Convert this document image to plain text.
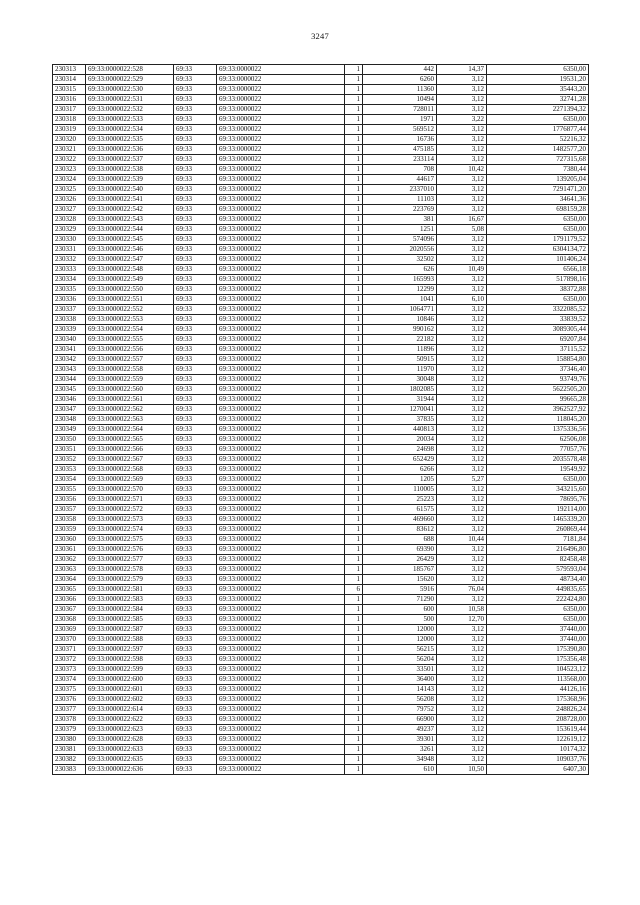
3247
230313	69:33:0000022:528	69:33	69:33:0000022	1	442	14,37	6350,00
230314	69:33:0000022:529	69:33	69:33:0000022	1	6260	3,12	19531,20
230315	69:33:0000022:530	69:33	69:33:0000022	1	11360	3,12	35443,20
230316	69:33:0000022:531	69:33	69:33:0000022	1	10494	3,12	32741,28
230317	69:33:0000022:532	69:33	69:33:0000022	1	728011	3,12	2271394,32
230318	69:33:0000022:533	69:33	69:33:0000022	1	1971	3,22	6350,00
230319	69:33:0000022:534	69:33	69:33:0000022	1	569512	3,12	1776877,44
230320	69:33:0000022:535	69:33	69:33:0000022	1	16736	3,12	52216,32
230321	69:33:0000022:536	69:33	69:33:0000022	1	475185	3,12	1482577,20
230322	69:33:0000022:537	69:33	69:33:0000022	1	233114	3,12	727315,68
230323	69:33:0000022:538	69:33	69:33:0000022	1	708	10,42	7380,44
230324	69:33:0000022:539	69:33	69:33:0000022	1	44617	3,12	139205,04
230325	69:33:0000022:540	69:33	69:33:0000022	1	2337010	3,12	7291471,20
230326	69:33:0000022:541	69:33	69:33:0000022	1	11103	3,12	34641,36
230327	69:33:0000022:542	69:33	69:33:0000022	1	223769	3,12	698159,28
230328	69:33:0000022:543	69:33	69:33:0000022	1	381	16,67	6350,00
230329	69:33:0000022:544	69:33	69:33:0000022	1	1251	5,08	6350,00
230330	69:33:0000022:545	69:33	69:33:0000022	1	574096	3,12	1791179,52
230331	69:33:0000022:546	69:33	69:33:0000022	1	2020556	3,12	6304134,72
230332	69:33:0000022:547	69:33	69:33:0000022	1	32502	3,12	101406,24
230333	69:33:0000022:548	69:33	69:33:0000022	1	626	10,49	6566,18
230334	69:33:0000022:549	69:33	69:33:0000022	1	165993	3,12	517898,16
230335	69:33:0000022:550	69:33	69:33:0000022	1	12299	3,12	38372,88
230336	69:33:0000022:551	69:33	69:33:0000022	1	1041	6,10	6350,00
230337	69:33:0000022:552	69:33	69:33:0000022	1	1064771	3,12	3322085,52
230338	69:33:0000022:553	69:33	69:33:0000022	1	10846	3,12	33839,52
230339	69:33:0000022:554	69:33	69:33:0000022	1	990162	3,12	3089305,44
230340	69:33:0000022:555	69:33	69:33:0000022	1	22182	3,12	69207,84
230341	69:33:0000022:556	69:33	69:33:0000022	1	11896	3,12	37115,52
230342	69:33:0000022:557	69:33	69:33:0000022	1	50915	3,12	158854,80
230343	69:33:0000022:558	69:33	69:33:0000022	1	11970	3,12	37346,40
230344	69:33:0000022:559	69:33	69:33:0000022	1	30048	3,12	93749,76
230345	69:33:0000022:560	69:33	69:33:0000022	1	1802085	3,12	5622505,20
230346	69:33:0000022:561	69:33	69:33:0000022	1	31944	3,12	99665,28
230347	69:33:0000022:562	69:33	69:33:0000022	1	1270041	3,12	3962527,92
230348	69:33:0000022:563	69:33	69:33:0000022	1	37835	3,12	118045,20
230349	69:33:0000022:564	69:33	69:33:0000022	1	440813	3,12	1375336,56
230350	69:33:0000022:565	69:33	69:33:0000022	1	20034	3,12	62506,08
230351	69:33:0000022:566	69:33	69:33:0000022	1	24698	3,12	77057,76
230352	69:33:0000022:567	69:33	69:33:0000022	1	652429	3,12	2035578,48
230353	69:33:0000022:568	69:33	69:33:0000022	1	6266	3,12	19549,92
230354	69:33:0000022:569	69:33	69:33:0000022	1	1205	5,27	6350,00
230355	69:33:0000022:570	69:33	69:33:0000022	1	110005	3,12	343215,60
230356	69:33:0000022:571	69:33	69:33:0000022	1	25223	3,12	78695,76
230357	69:33:0000022:572	69:33	69:33:0000022	1	61575	3,12	192114,00
230358	69:33:0000022:573	69:33	69:33:0000022	1	469660	3,12	1465339,20
230359	69:33:0000022:574	69:33	69:33:0000022	1	83612	3,12	260869,44
230360	69:33:0000022:575	69:33	69:33:0000022	1	688	10,44	7181,84
230361	69:33:0000022:576	69:33	69:33:0000022	1	69390	3,12	216496,80
230362	69:33:0000022:577	69:33	69:33:0000022	1	26429	3,12	82458,48
230363	69:33:0000022:578	69:33	69:33:0000022	1	185767	3,12	579593,04
230364	69:33:0000022:579	69:33	69:33:0000022	1	15620	3,12	48734,40
230365	69:33:0000022:581	69:33	69:33:0000022	6	5916	76,04	449835,65
230366	69:33:0000022:583	69:33	69:33:0000022	1	71290	3,12	222424,80
230367	69:33:0000022:584	69:33	69:33:0000022	1	600	10,58	6350,00
230368	69:33:0000022:585	69:33	69:33:0000022	1	500	12,70	6350,00
230369	69:33:0000022:587	69:33	69:33:0000022	1	12000	3,12	37440,00
230370	69:33:0000022:588	69:33	69:33:0000022	1	12000	3,12	37440,00
230371	69:33:0000022:597	69:33	69:33:0000022	1	56215	3,12	175390,80
230372	69:33:0000022:598	69:33	69:33:0000022	1	56204	3,12	175356,48
230373	69:33:0000022:599	69:33	69:33:0000022	1	33501	3,12	104523,12
230374	69:33:0000022:600	69:33	69:33:0000022	1	36400	3,12	113568,00
230375	69:33:0000022:601	69:33	69:33:0000022	1	14143	3,12	44126,16
230376	69:33:0000022:602	69:33	69:33:0000022	1	56208	3,12	175368,96
230377	69:33:0000022:614	69:33	69:33:0000022	1	79752	3,12	248826,24
230378	69:33:0000022:622	69:33	69:33:0000022	1	66900	3,12	208728,00
230379	69:33:0000022:623	69:33	69:33:0000022	1	49237	3,12	153619,44
230380	69:33:0000022:628	69:33	69:33:0000022	1	39301	3,12	122619,12
230381	69:33:0000022:633	69:33	69:33:0000022	1	3261	3,12	10174,32
230382	69:33:0000022:635	69:33	69:33:0000022	1	34948	3,12	109037,76
230383	69:33:0000022:636	69:33	69:33:0000022	1	610	10,50	6407,30
